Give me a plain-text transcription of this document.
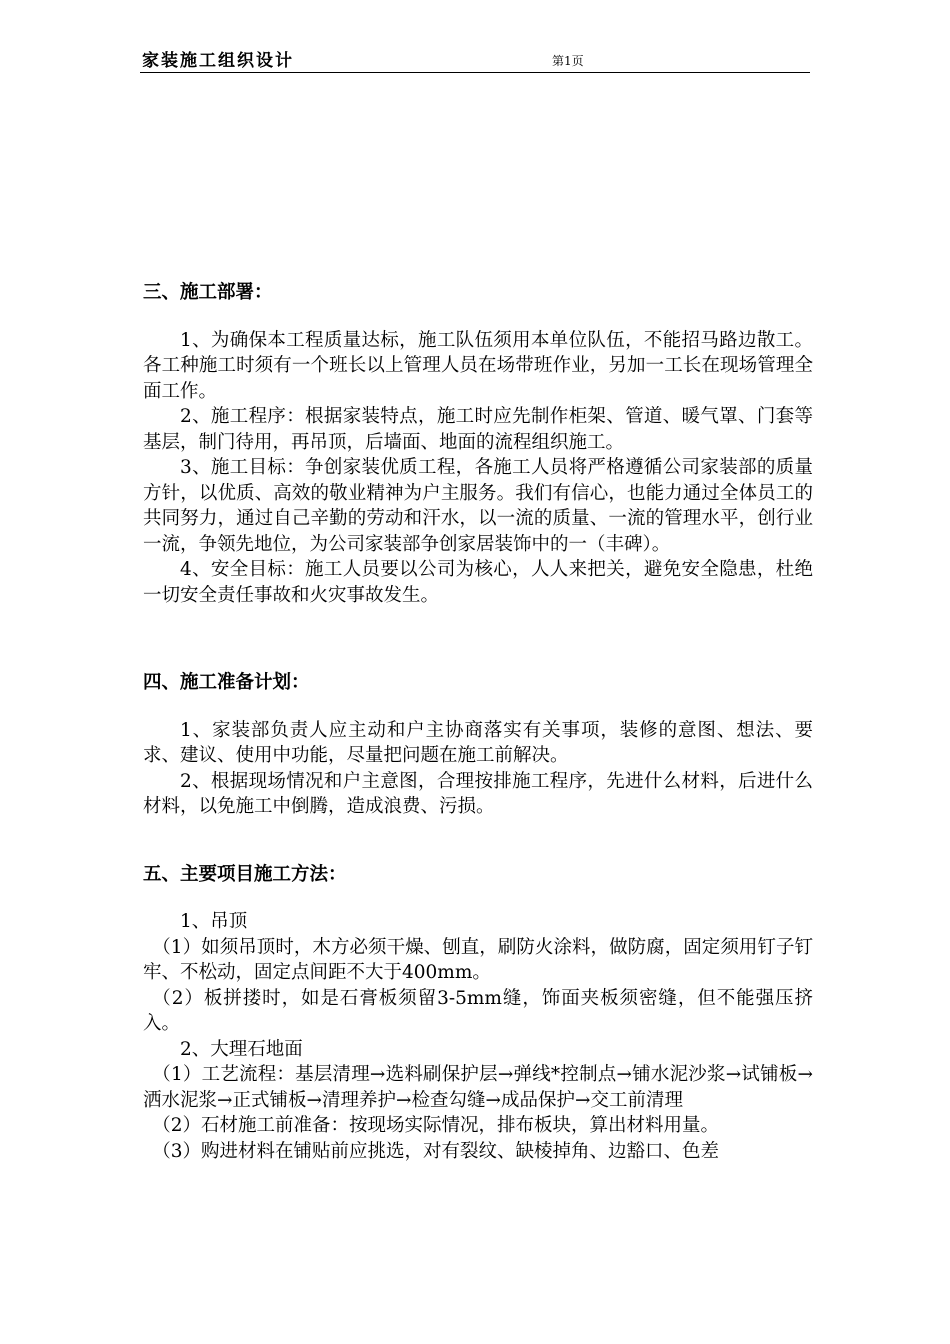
家装施工组织设计	第1页

三、施工部署：

1、为确保本工程质量达标，施工队伍须用本单位队伍，不能招马路边散工。各工种施工时须有一个班长以上管理人员在场带班作业，另加一工长在现场管理全面工作。

2、施工程序：根据家装特点，施工时应先制作柜架、管道、暖气罩、门套等基层，制门待用，再吊顶，后墙面、地面的流程组织施工。

3、施工目标：争创家装优质工程，各施工人员将严格遵循公司家装部的质量方针，以优质、高效的敬业精神为户主服务。我们有信心，也能力通过全体员工的共同努力，通过自己辛勤的劳动和汗水，以一流的质量、一流的管理水平，创行业一流，争领先地位，为公司家装部争创家居装饰中的一（丰碑）。

4、安全目标：施工人员要以公司为核心，人人来把关，避免安全隐患，杜绝一切安全责任事故和火灾事故发生。

四、施工准备计划：

1、家装部负责人应主动和户主协商落实有关事项，装修的意图、想法、要求、建议、使用中功能，尽量把问题在施工前解决。

2、根据现场情况和户主意图，合理按排施工程序，先进什么材料，后进什么材料，以免施工中倒腾，造成浪费、污损。

五、主要项目施工方法：

1、吊顶

（1）如须吊顶时，木方必须干燥、刨直，刷防火涂料，做防腐，固定须用钉子钉牢、不松动，固定点间距不大于400mm。

（2）板拼搂时，如是石膏板须留3-5mm缝，饰面夹板须密缝，但不能强压挤入。

2、大理石地面

（1）工艺流程：基层清理→选料刷保护层→弹线*控制点→铺水泥沙浆→试铺板→洒水泥浆→正式铺板→清理养护→检查勾缝→成品保护→交工前清理

（2）石材施工前准备：按现场实际情况，排布板块，算出材料用量。

（3）购进材料在铺贴前应挑选，对有裂纹、缺棱掉角、边豁口、色差
